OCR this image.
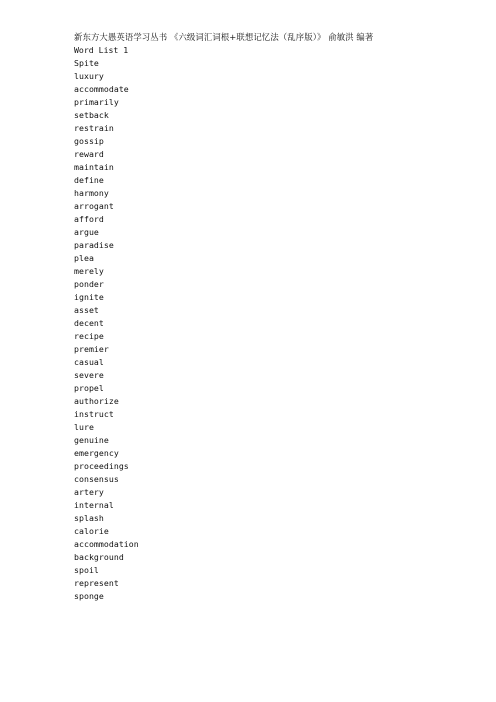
新东方大愚英语学习丛书 《六级词汇词根+联想记忆法（乱序版）》 俞敏洪 编著
Word List 1
Spite
luxury
accommodate
primarily
setback
restrain
gossip
reward
maintain
define
harmony
arrogant
afford
argue
paradise
plea
merely
ponder
ignite
asset
decent
recipe
premier
casual
severe
propel
authorize
instruct
lure
genuine
emergency
proceedings
consensus
artery
internal
splash
calorie
accommodation
background
spoil
represent
sponge
